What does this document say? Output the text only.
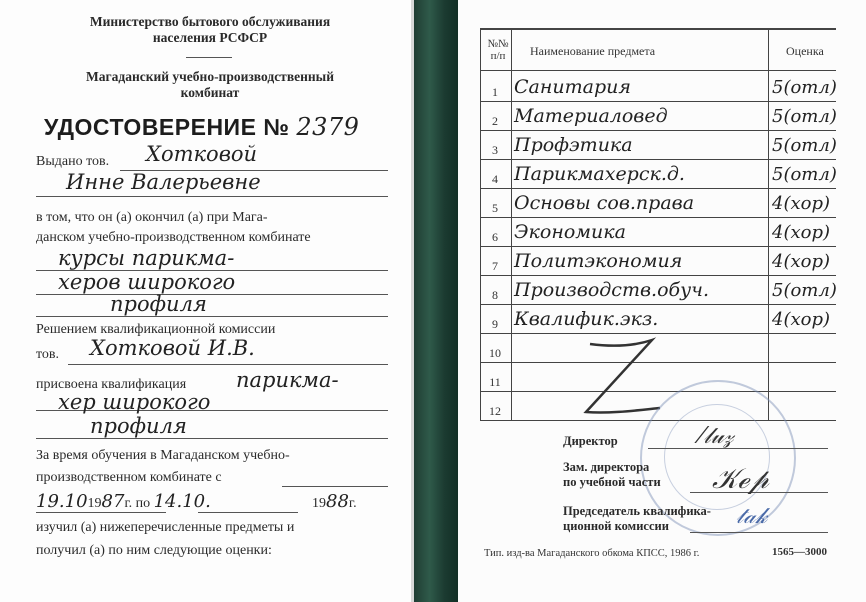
Министерство бытового обслуживания
населения РСФСР
Магаданский учебно-производственный
комбинат
УДОСТОВЕРЕНИЕ № 2379
Выдано тов. Хотковой
Инне Валерьевне
в том, что он (а) окончил (а) при Мага-
данском учебно-производственном комбинате
курсы парикма-
херов широкого
профиля
Решением квалификационной комиссии
тов. Хотковой И.В.
присвоена квалификация парикма-
хер широкого
профиля
За время обучения в Магаданском учебно-
производственном комбинате с
19.101987г. по 14.10.	1988г.
изучил (а) нижеперечисленные предметы и
получил (а) по ним следующие оценки:
№№
п/п	Наименование предмета	Оценка
1 Санитария	5(отл)
2 Материаловед	5(отл)
3 Профэтика	5(отл)
4 Парикмахерск.д.	5(отл)
5 Основы сов.права	4(хор)
6 Экономика	4(хор)
7 Политэкономия	4(хор)
8 Производств.обуч.	5(отл)
9 Квалифик.экз.	4(хор)
10
11
12
Директор	⁄𝓁𝓊𝓏
Зам. директора
по учебной части 𝒦ℯ𝓅
Председатель квалифика-
ционной комиссии	𝓉𝒶𝓀
Тип. изд-ва Магаданского обкома КПСС, 1986 г.	1565—3000
